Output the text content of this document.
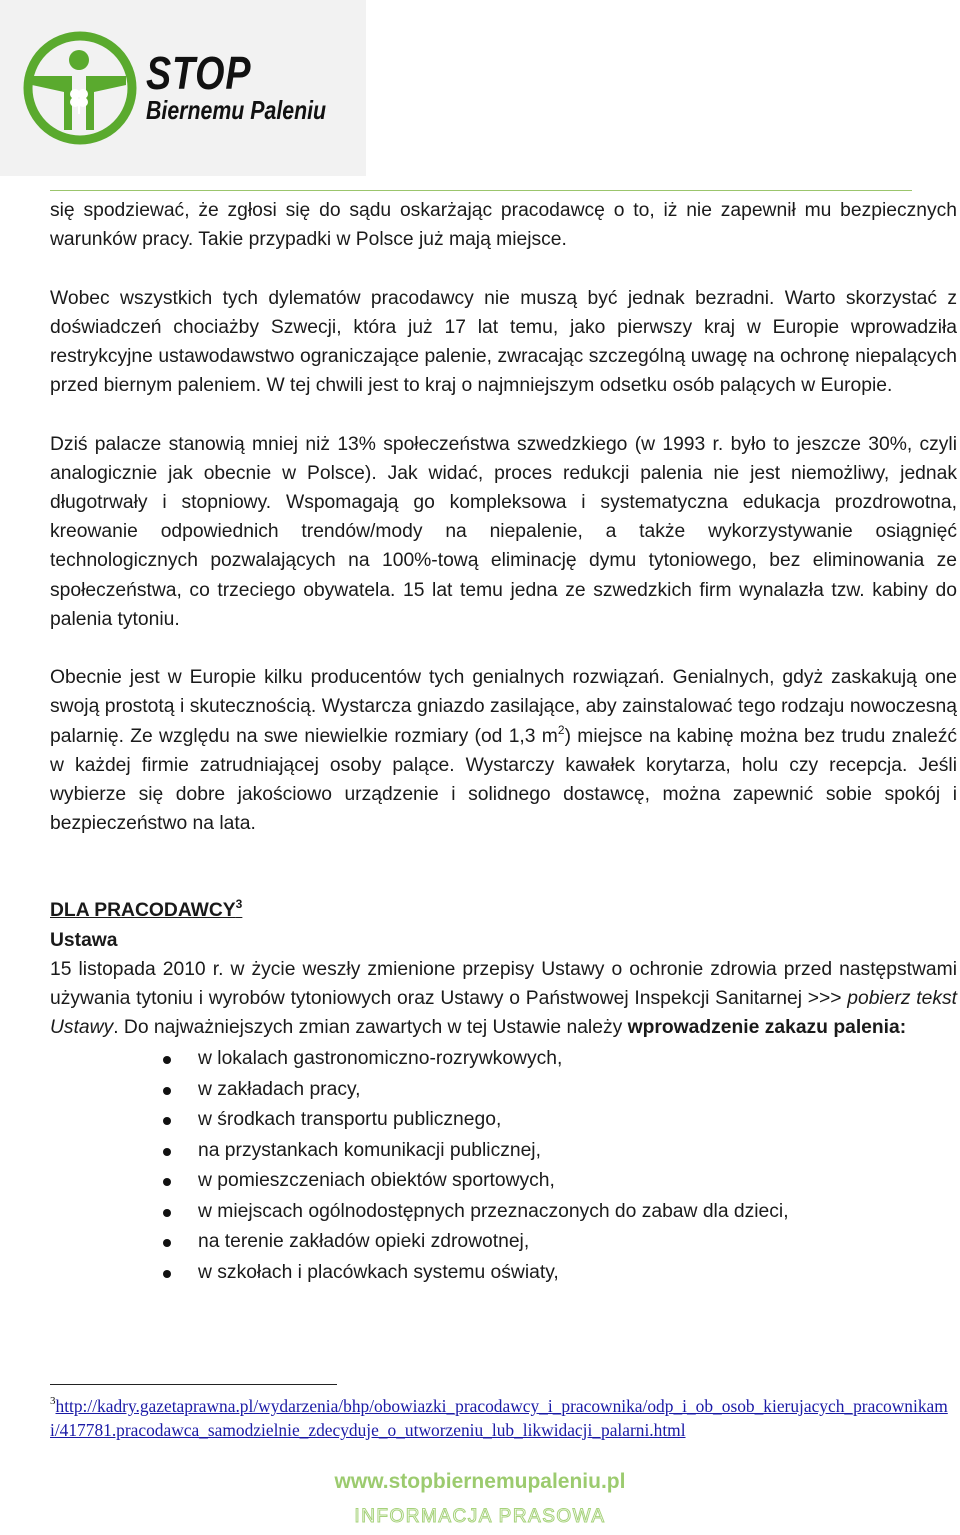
STOP
Biernemu Paleniu

się spodziewać, że zgłosi się do sądu oskarżając pracodawcę o to, iż nie zapewnił mu bezpiecznych warunków pracy. Takie przypadki w Polsce już mają miejsce.

Wobec wszystkich tych dylematów pracodawcy nie muszą być jednak bezradni. Warto skorzystać z doświadczeń chociażby Szwecji, która już 17 lat temu, jako pierwszy kraj w Europie wprowadziła restrykcyjne ustawodawstwo ograniczające palenie, zwracając szczególną uwagę na ochronę niepalących przed biernym paleniem. W tej chwili jest to kraj o najmniejszym odsetku osób palących w Europie.

Dziś palacze stanowią mniej niż 13% społeczeństwa szwedzkiego (w 1993 r. było to jeszcze 30%, czyli analogicznie jak obecnie w Polsce). Jak widać, proces redukcji palenia nie jest niemożliwy, jednak długotrwały i stopniowy. Wspomagają go kompleksowa i systematyczna edukacja prozdrowotna, kreowanie odpowiednich trendów/mody na niepalenie, a także wykorzystywanie osiągnięć technologicznych pozwalających na 100%-tową eliminację dymu tytoniowego, bez eliminowania ze społeczeństwa, co trzeciego obywatela. 15 lat temu jedna ze szwedzkich firm wynalazła tzw. kabiny do palenia tytoniu.

Obecnie jest w Europie kilku producentów tych genialnych rozwiązań. Genialnych, gdyż zaskakują one swoją prostotą i skutecznością. Wystarcza gniazdo zasilające, aby zainstalować tego rodzaju nowoczesną palarnię. Ze względu na swe niewielkie rozmiary (od 1,3 $m^2$) miejsce na kabinę można bez trudu znaleźć w każdej firmie zatrudniającej osoby palące. Wystarczy kawałek korytarza, holu czy recepcja. Jeśli wybierze się dobre jakościowo urządzenie i solidnego dostawcę, można zapewnić sobie spokój i bezpieczeństwo na lata.

DLA PRACODAWCY$^3$
Ustawa

15 listopada 2010 r. w życie weszły zmienione przepisy Ustawy o ochronie zdrowia przed następstwami używania tytoniu i wyrobów tytoniowych oraz Ustawy o Państwowej Inspekcji Sanitarnej >>> pobierz tekst Ustawy. Do najważniejszych zmian zawartych w tej Ustawie należy wprowadzenie zakazu palenia:

w lokalach gastronomiczno-rozrywkowych,
w zakładach pracy,
w środkach transportu publicznego,
na przystankach komunikacji publicznej,
w pomieszczeniach obiektów sportowych,
w miejscach ogólnodostępnych przeznaczonych do zabaw dla dzieci,
na terenie zakładów opieki zdrowotnej,
w szkołach i placówkach systemu oświaty,
$^3$http://kadry.gazetaprawna.pl/wydarzenia/bhp/obowiazki_pracodawcy_i_pracownika/odp_i_ob_osob_kierujacych_pracownikami/417781.pracodawca_samodzielnie_zdecyduje_o_utworzeniu_lub_likwidacji_palarni.html
www.stopbiernemupaleniu.pl
INFORMACJA PRASOWA
